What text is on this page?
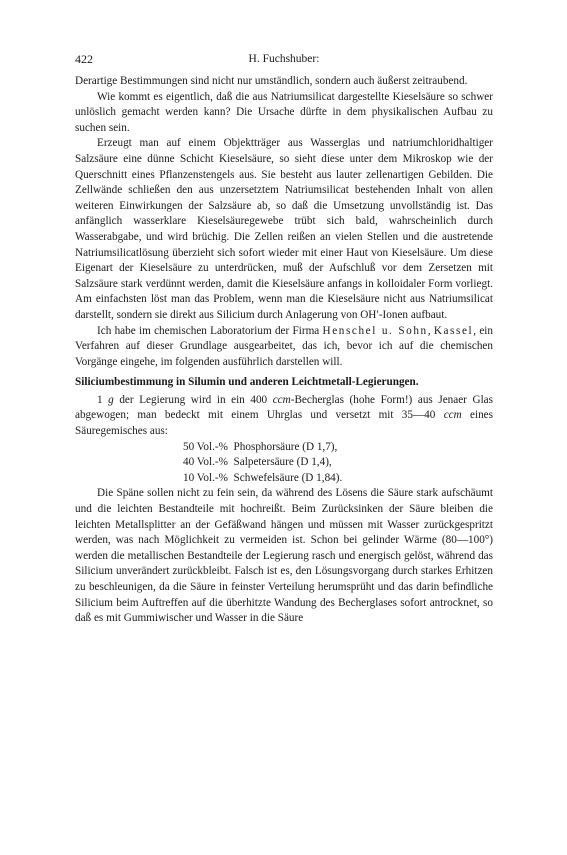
422	H. Fuchshuber:

Derartige Bestimmungen sind nicht nur umständlich, sondern auch äußerst zeitraubend.

Wie kommt es eigentlich, daß die aus Natriumsilicat dargestellte Kieselsäure so schwer unlöslich gemacht werden kann? Die Ursache dürfte in dem physikalischen Aufbau zu suchen sein.

Erzeugt man auf einem Objektträger aus Wasserglas und natriumchloridhaltiger Salzsäure eine dünne Schicht Kieselsäure, so sieht diese unter dem Mikroskop wie der Querschnitt eines Pflanzenstengels aus. Sie besteht aus lauter zellenartigen Gebilden. Die Zellwände schließen den aus unzersetztem Natriumsilicat bestehenden Inhalt von allen weiteren Einwirkungen der Salzsäure ab, so daß die Umsetzung unvollständig ist. Das anfänglich wasserklare Kieselsäuregewebe trübt sich bald, wahrscheinlich durch Wasserabgabe, und wird brüchig. Die Zellen reißen an vielen Stellen und die austretende Natriumsilicatlösung überzieht sich sofort wieder mit einer Haut von Kieselsäure. Um diese Eigenart der Kieselsäure zu unterdrücken, muß der Aufschluß vor dem Zersetzen mit Salzsäure stark verdünnt werden, damit die Kieselsäure anfangs in kolloidaler Form vorliegt. Am einfachsten löst man das Problem, wenn man die Kieselsäure nicht aus Natriumsilicat darstellt, sondern sie direkt aus Silicium durch Anlagerung von OH′-Ionen aufbaut.

Ich habe im chemischen Laboratorium der Firma Henschel u. Sohn, Kassel, ein Verfahren auf dieser Grundlage ausgearbeitet, das ich, bevor ich auf die chemischen Vorgänge eingehe, im folgenden ausführlich darstellen will.

Siliciumbestimmung in Silumin und anderen Leichtmetall-Legierungen.

1 g der Legierung wird in ein 400 ccm-Becherglas (hohe Form!) aus Jenaer Glas abgewogen; man bedeckt mit einem Uhrglas und versetzt mit 35—40 ccm eines Säuregemisches aus:

50 Vol.-%  Phosphorsäure (D 1,7),
40 Vol.-%  Salpetersäure (D 1,4),
10 Vol.-%  Schwefelsäure (D 1,84).

Die Späne sollen nicht zu fein sein, da während des Lösens die Säure stark aufschäumt und die leichten Bestandteile mit hochreißt. Beim Zurücksinken der Säure bleiben die leichten Metallsplitter an der Gefäßwand hängen und müssen mit Wasser zurückgespritzt werden, was nach Möglichkeit zu vermeiden ist. Schon bei gelinder Wärme (80—100°) werden die metallischen Bestandteile der Legierung rasch und energisch gelöst, während das Silicium unverändert zurückbleibt. Falsch ist es, den Lösungsvorgang durch starkes Erhitzen zu beschleunigen, da die Säure in feinster Verteilung herumsprüht und das darin befindliche Silicium beim Auftreffen auf die überhitzte Wandung des Becherglases sofort antrocknet, so daß es mit Gummiwischer und Wasser in die Säure
